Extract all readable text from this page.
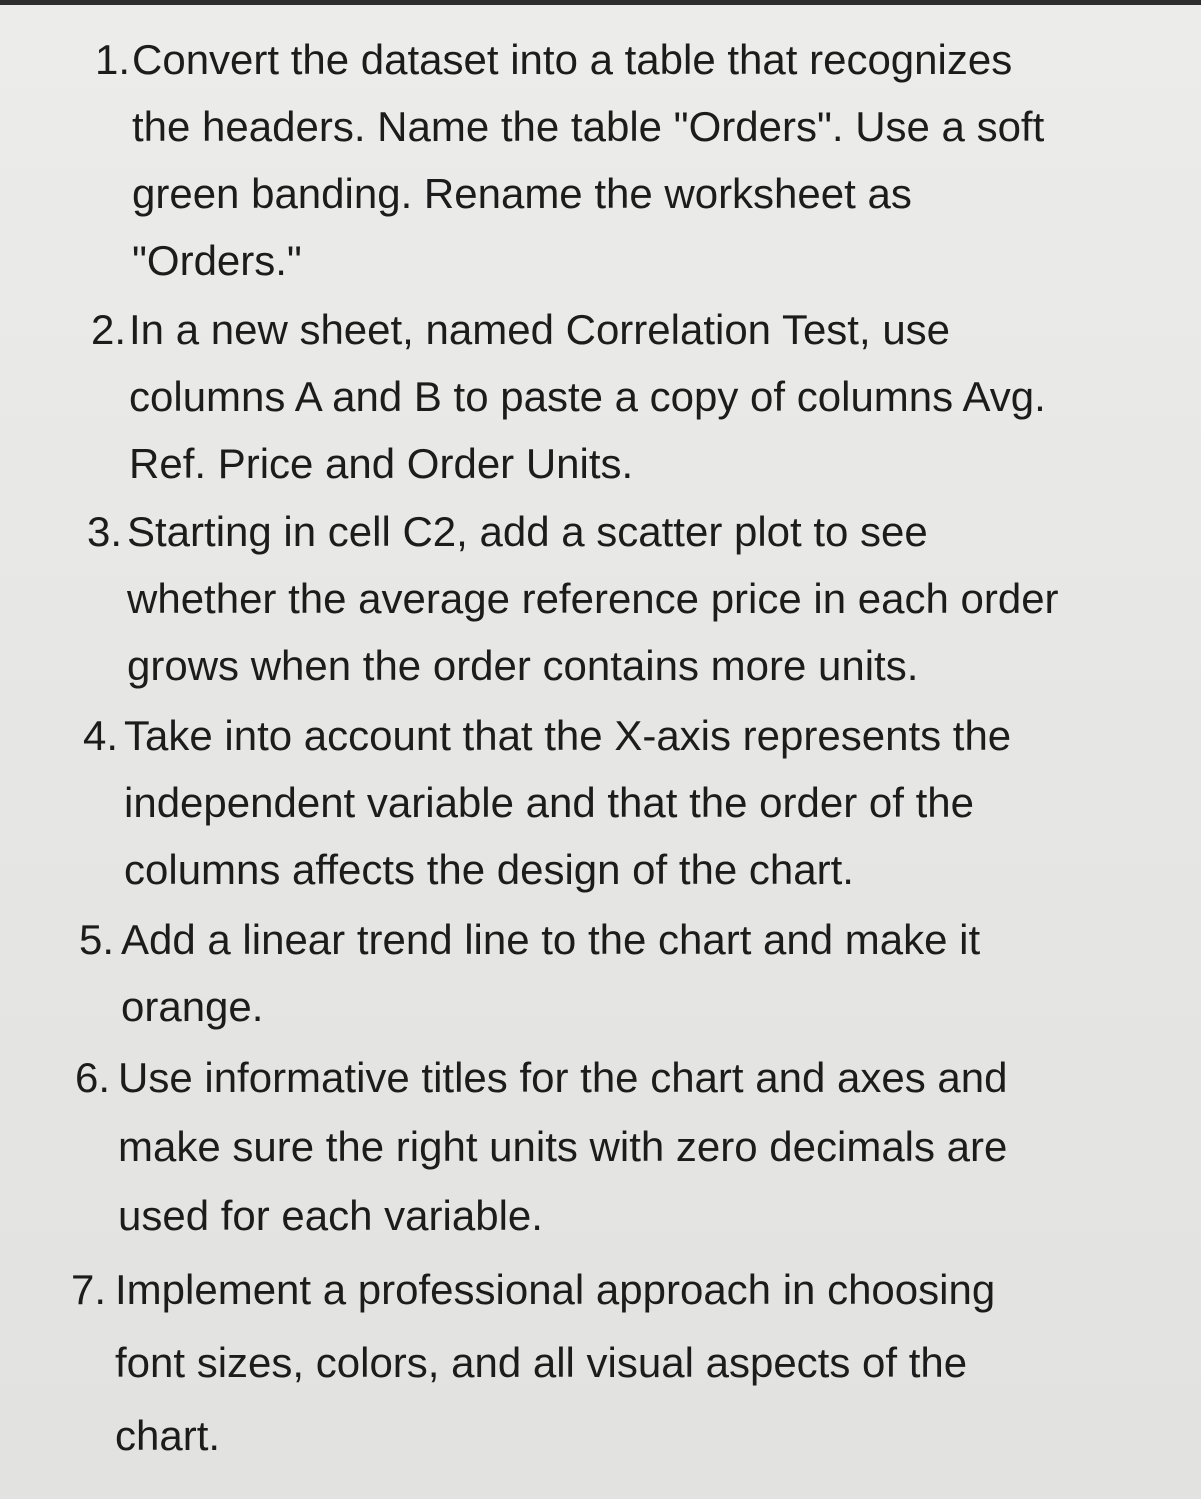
1. Convert the dataset into a table that recognizes
the headers. Name the table "Orders". Use a soft
green banding. Rename the worksheet as
"Orders."
2. In a new sheet, named Correlation Test, use
columns A and B to paste a copy of columns Avg.
Ref. Price and Order Units.
3. Starting in cell C2, add a scatter plot to see
whether the average reference price in each order
grows when the order contains more units.
4. Take into account that the X-axis represents the
independent variable and that the order of the
columns affects the design of the chart.
5. Add a linear trend line to the chart and make it
orange.
6. Use informative titles for the chart and axes and
make sure the right units with zero decimals are
used for each variable.
7. Implement a professional approach in choosing
font sizes, colors, and all visual aspects of the
chart.
